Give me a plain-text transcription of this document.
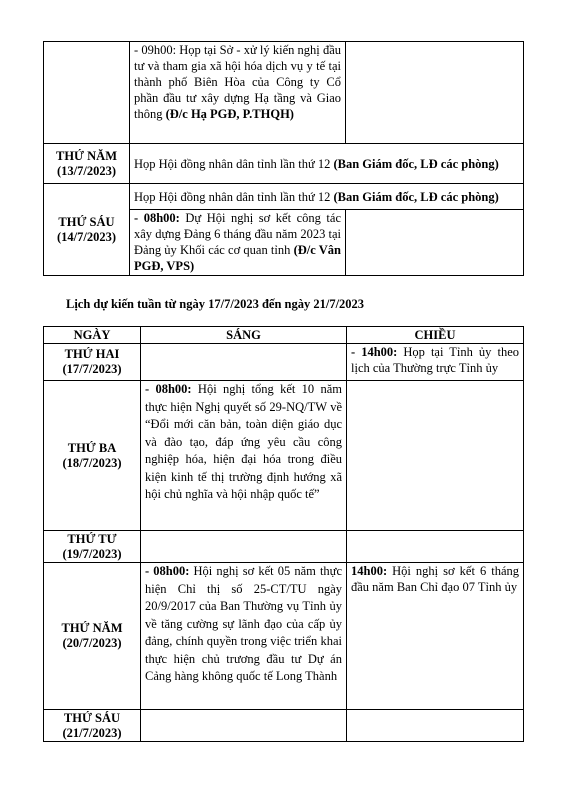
	- 09h00: Họp tại Sở - xử lý kiến nghị đầu tư và tham gia xã hội hóa dịch vụ y tế tại thành phố Biên Hòa của Công ty Cổ phần đầu tư xây dựng Hạ tầng và Giao thông (Đ/c Hạ PGĐ, P.THQH)	
THỨ NĂM (13/7/2023)	Họp Hội đồng nhân dân tỉnh lần thứ 12 (Ban Giám đốc, LĐ các phòng)	
THỨ SÁU (14/7/2023)	Họp Hội đồng nhân dân tỉnh lần thứ 12 (Ban Giám đốc, LĐ các phòng)	
	- 08h00: Dự Hội nghị sơ kết công tác xây dựng Đảng 6 tháng đầu năm 2023 tại Đảng ủy Khối các cơ quan tỉnh (Đ/c Vân PGĐ, VPS)	

Lịch dự kiến tuần từ ngày 17/7/2023 đến ngày 21/7/2023

NGÀY	SÁNG	CHIỀU
THỨ HAI (17/7/2023)		- 14h00: Họp tại Tỉnh ủy theo lịch của Thường trực Tỉnh ủy
THỨ BA (18/7/2023)	- 08h00: Hội nghị tổng kết 10 năm thực hiện Nghị quyết số 29-NQ/TW về “Đổi mới căn bản, toàn diện giáo dục và đào tạo, đáp ứng yêu cầu công nghiệp hóa, hiện đại hóa trong điều kiện kinh tế thị trường định hướng xã hội chủ nghĩa và hội nhập quốc tế”	
THỨ TƯ (19/7/2023)		
THỨ NĂM (20/7/2023)	- 08h00: Hội nghị sơ kết 05 năm thực hiện Chỉ thị số 25-CT/TU ngày 20/9/2017 của Ban Thường vụ Tỉnh ủy về tăng cường sự lãnh đạo của cấp ủy đảng, chính quyền trong việc triển khai thực hiện chủ trương đầu tư Dự án Cảng hàng không quốc tế Long Thành	14h00: Hội nghị sơ kết 6 tháng đầu năm Ban Chỉ đạo 07 Tỉnh ủy
THỨ SÁU (21/7/2023)		
